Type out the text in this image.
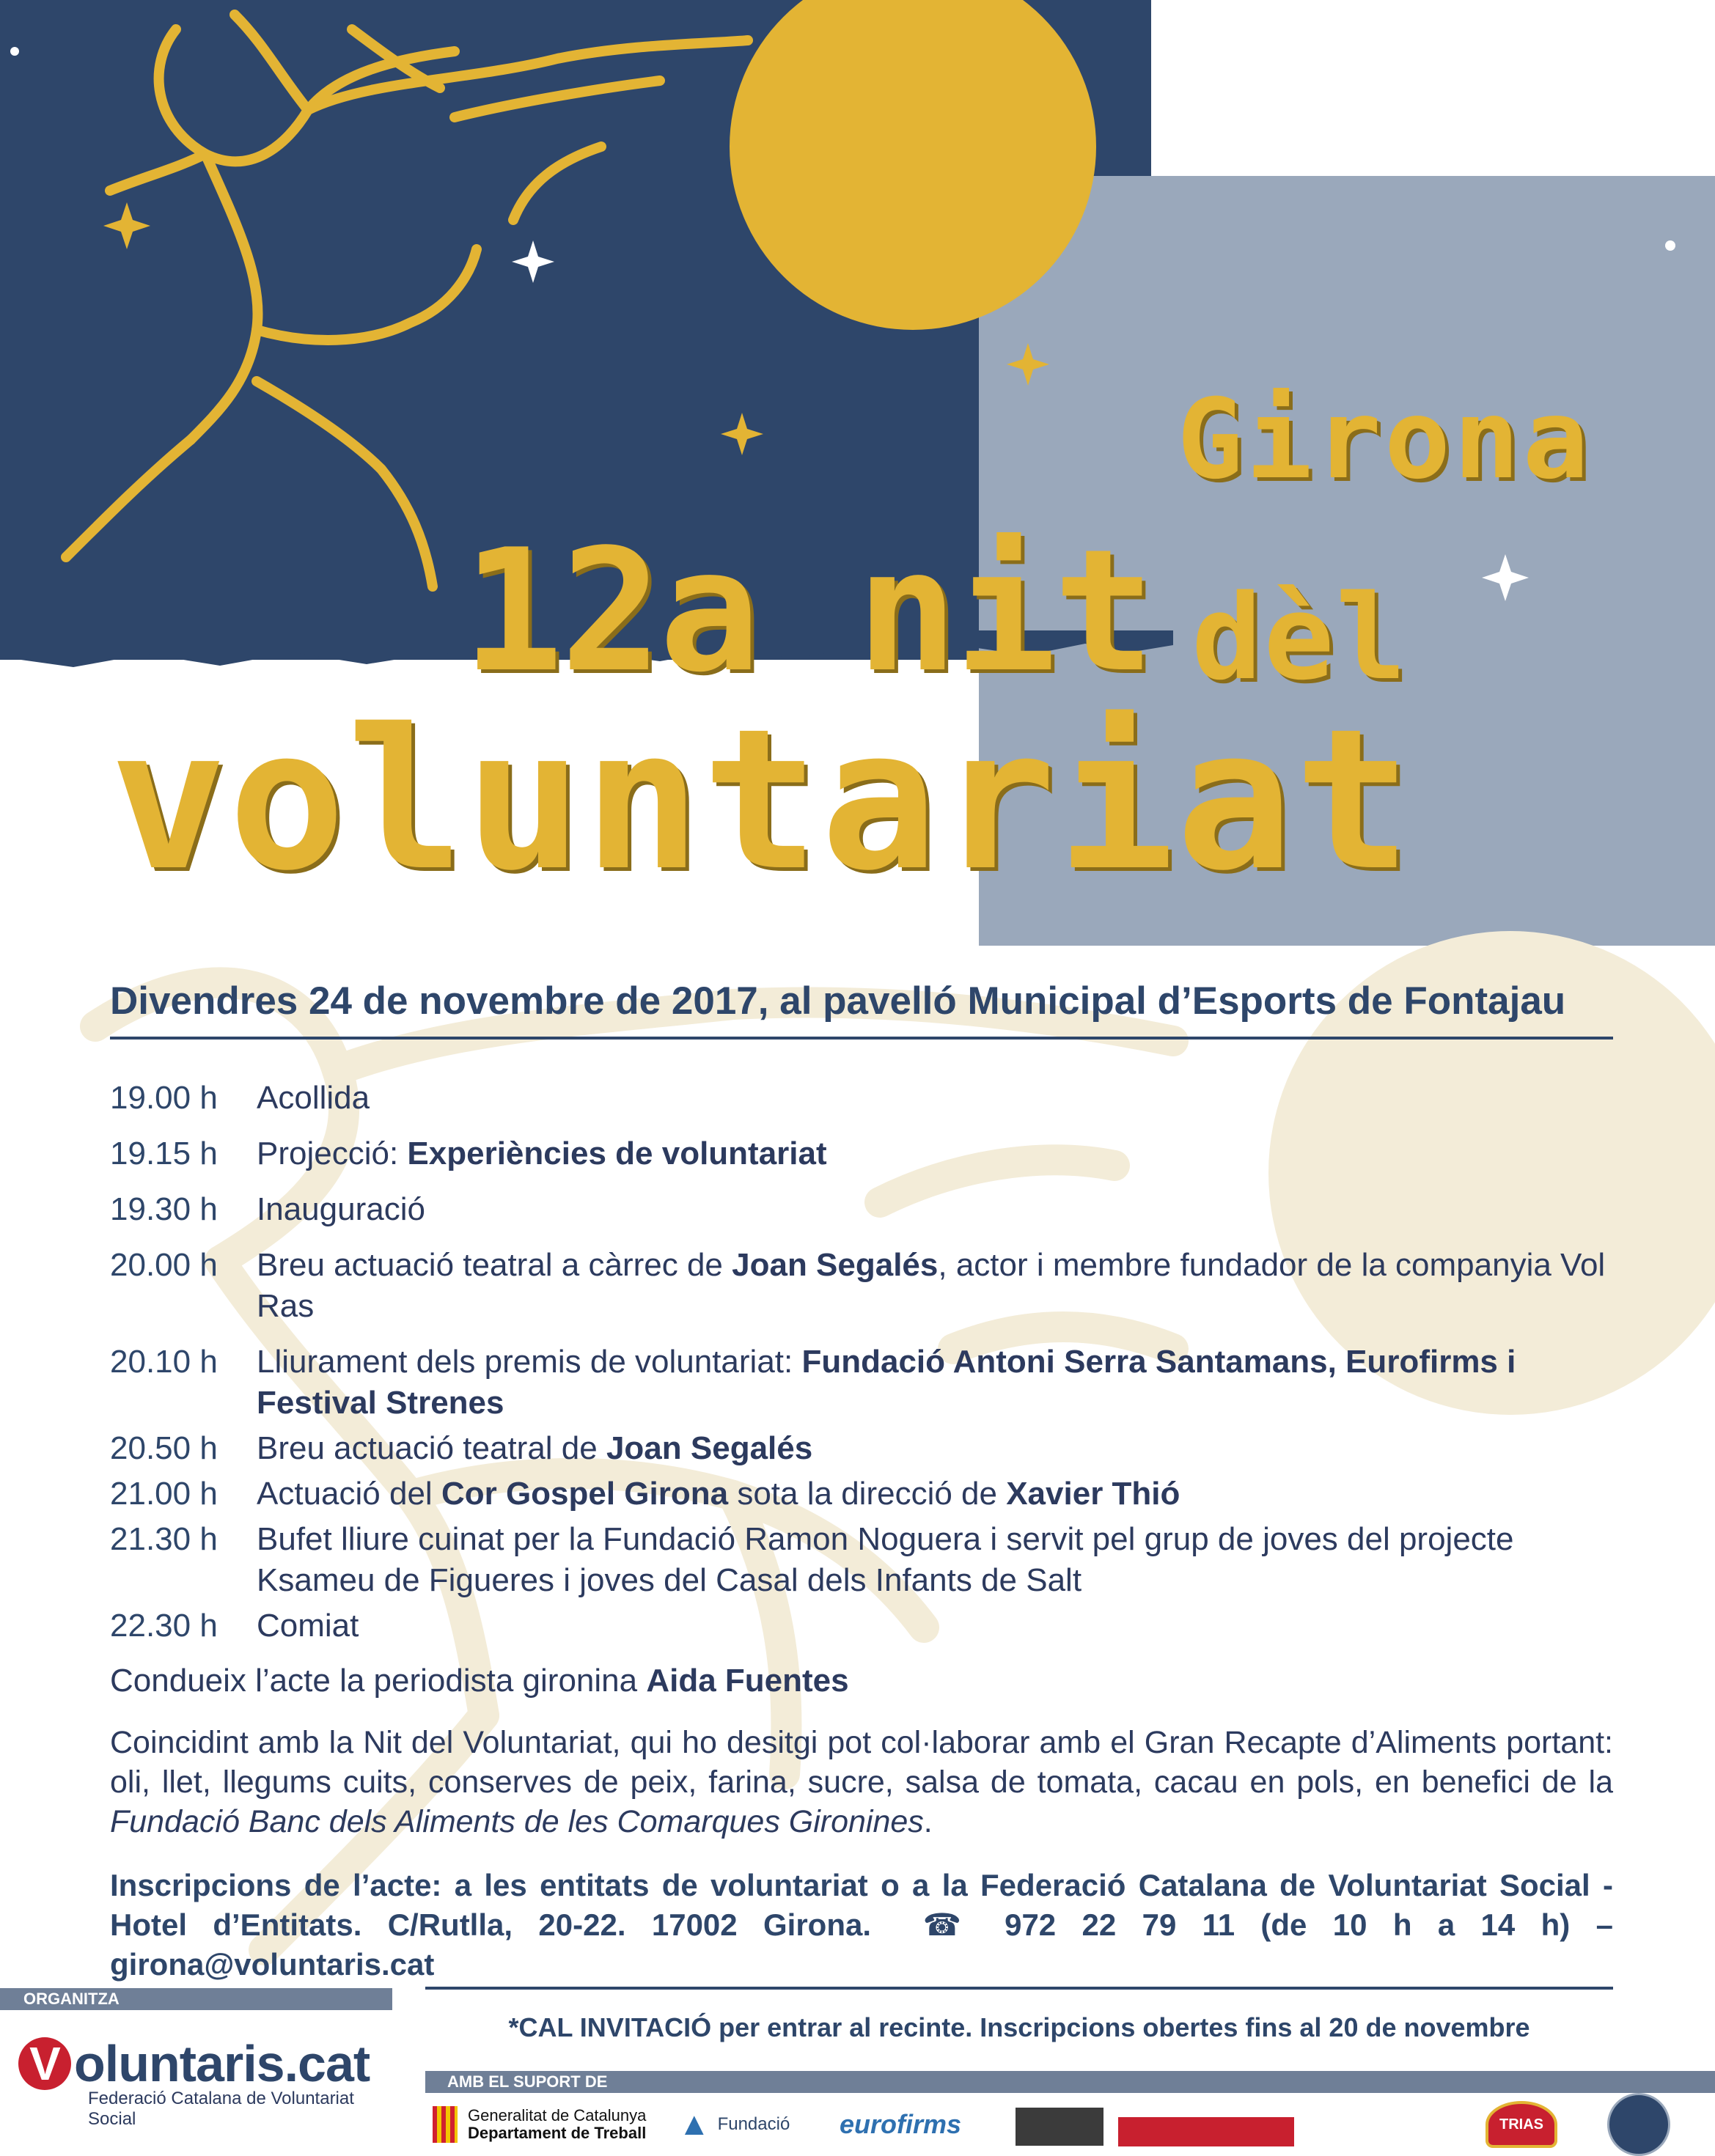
Girona
12a nit dèl
voluntariat
Divendres 24 de novembre de 2017, al pavelló Municipal d’Esports de Fontajau
19.00 h	Acollida
19.15 h	Projecció: Experiències de voluntariat
19.30 h	Inauguració
20.00 h	Breu actuació teatral a càrrec de Joan Segalés, actor i membre fundador de la companyia Vol Ras
20.10 h	Lliurament dels premis de voluntariat: Fundació Antoni Serra Santamans, Eurofirms i Festival Strenes
20.50 h	Breu actuació teatral de Joan Segalés
21.00 h	Actuació del Cor Gospel Girona sota la direcció de Xavier Thió
21.30 h	Bufet lliure cuinat per la Fundació Ramon Noguera i servit pel grup de joves del projecte Ksameu de Figueres i joves del Casal dels Infants de Salt
22.30 h	Comiat
Condueix l’acte la periodista gironina Aida Fuentes
Coincidint amb la Nit del Voluntariat, qui ho desitgi pot col·laborar amb el Gran Recapte d’Aliments portant: oli, llet, llegums cuits, conserves de peix, farina, sucre, salsa de tomata, cacau en pols, en benefici de la Fundació Banc dels Aliments de les Comarques Gironines.
Inscripcions de l’acte: a les entitats de voluntariat o a la Federació Catalana de Voluntariat Social - Hotel d’Entitats. C/Rutlla, 20-22. 17002 Girona. ☎ 972 22 79 11 (de 10 h a 14 h) – girona@voluntaris.cat
ORGANITZA
*CAL INVITACIÓ per entrar al recinte. Inscripcions obertes fins al 20 de novembre
AMB EL SUPORT DE
V oluntaris.cat
Federació Catalana de Voluntariat Social	Generalitat de Catalunya
Departament de Treball ▲ Fundació eurofirms	TRIAS
